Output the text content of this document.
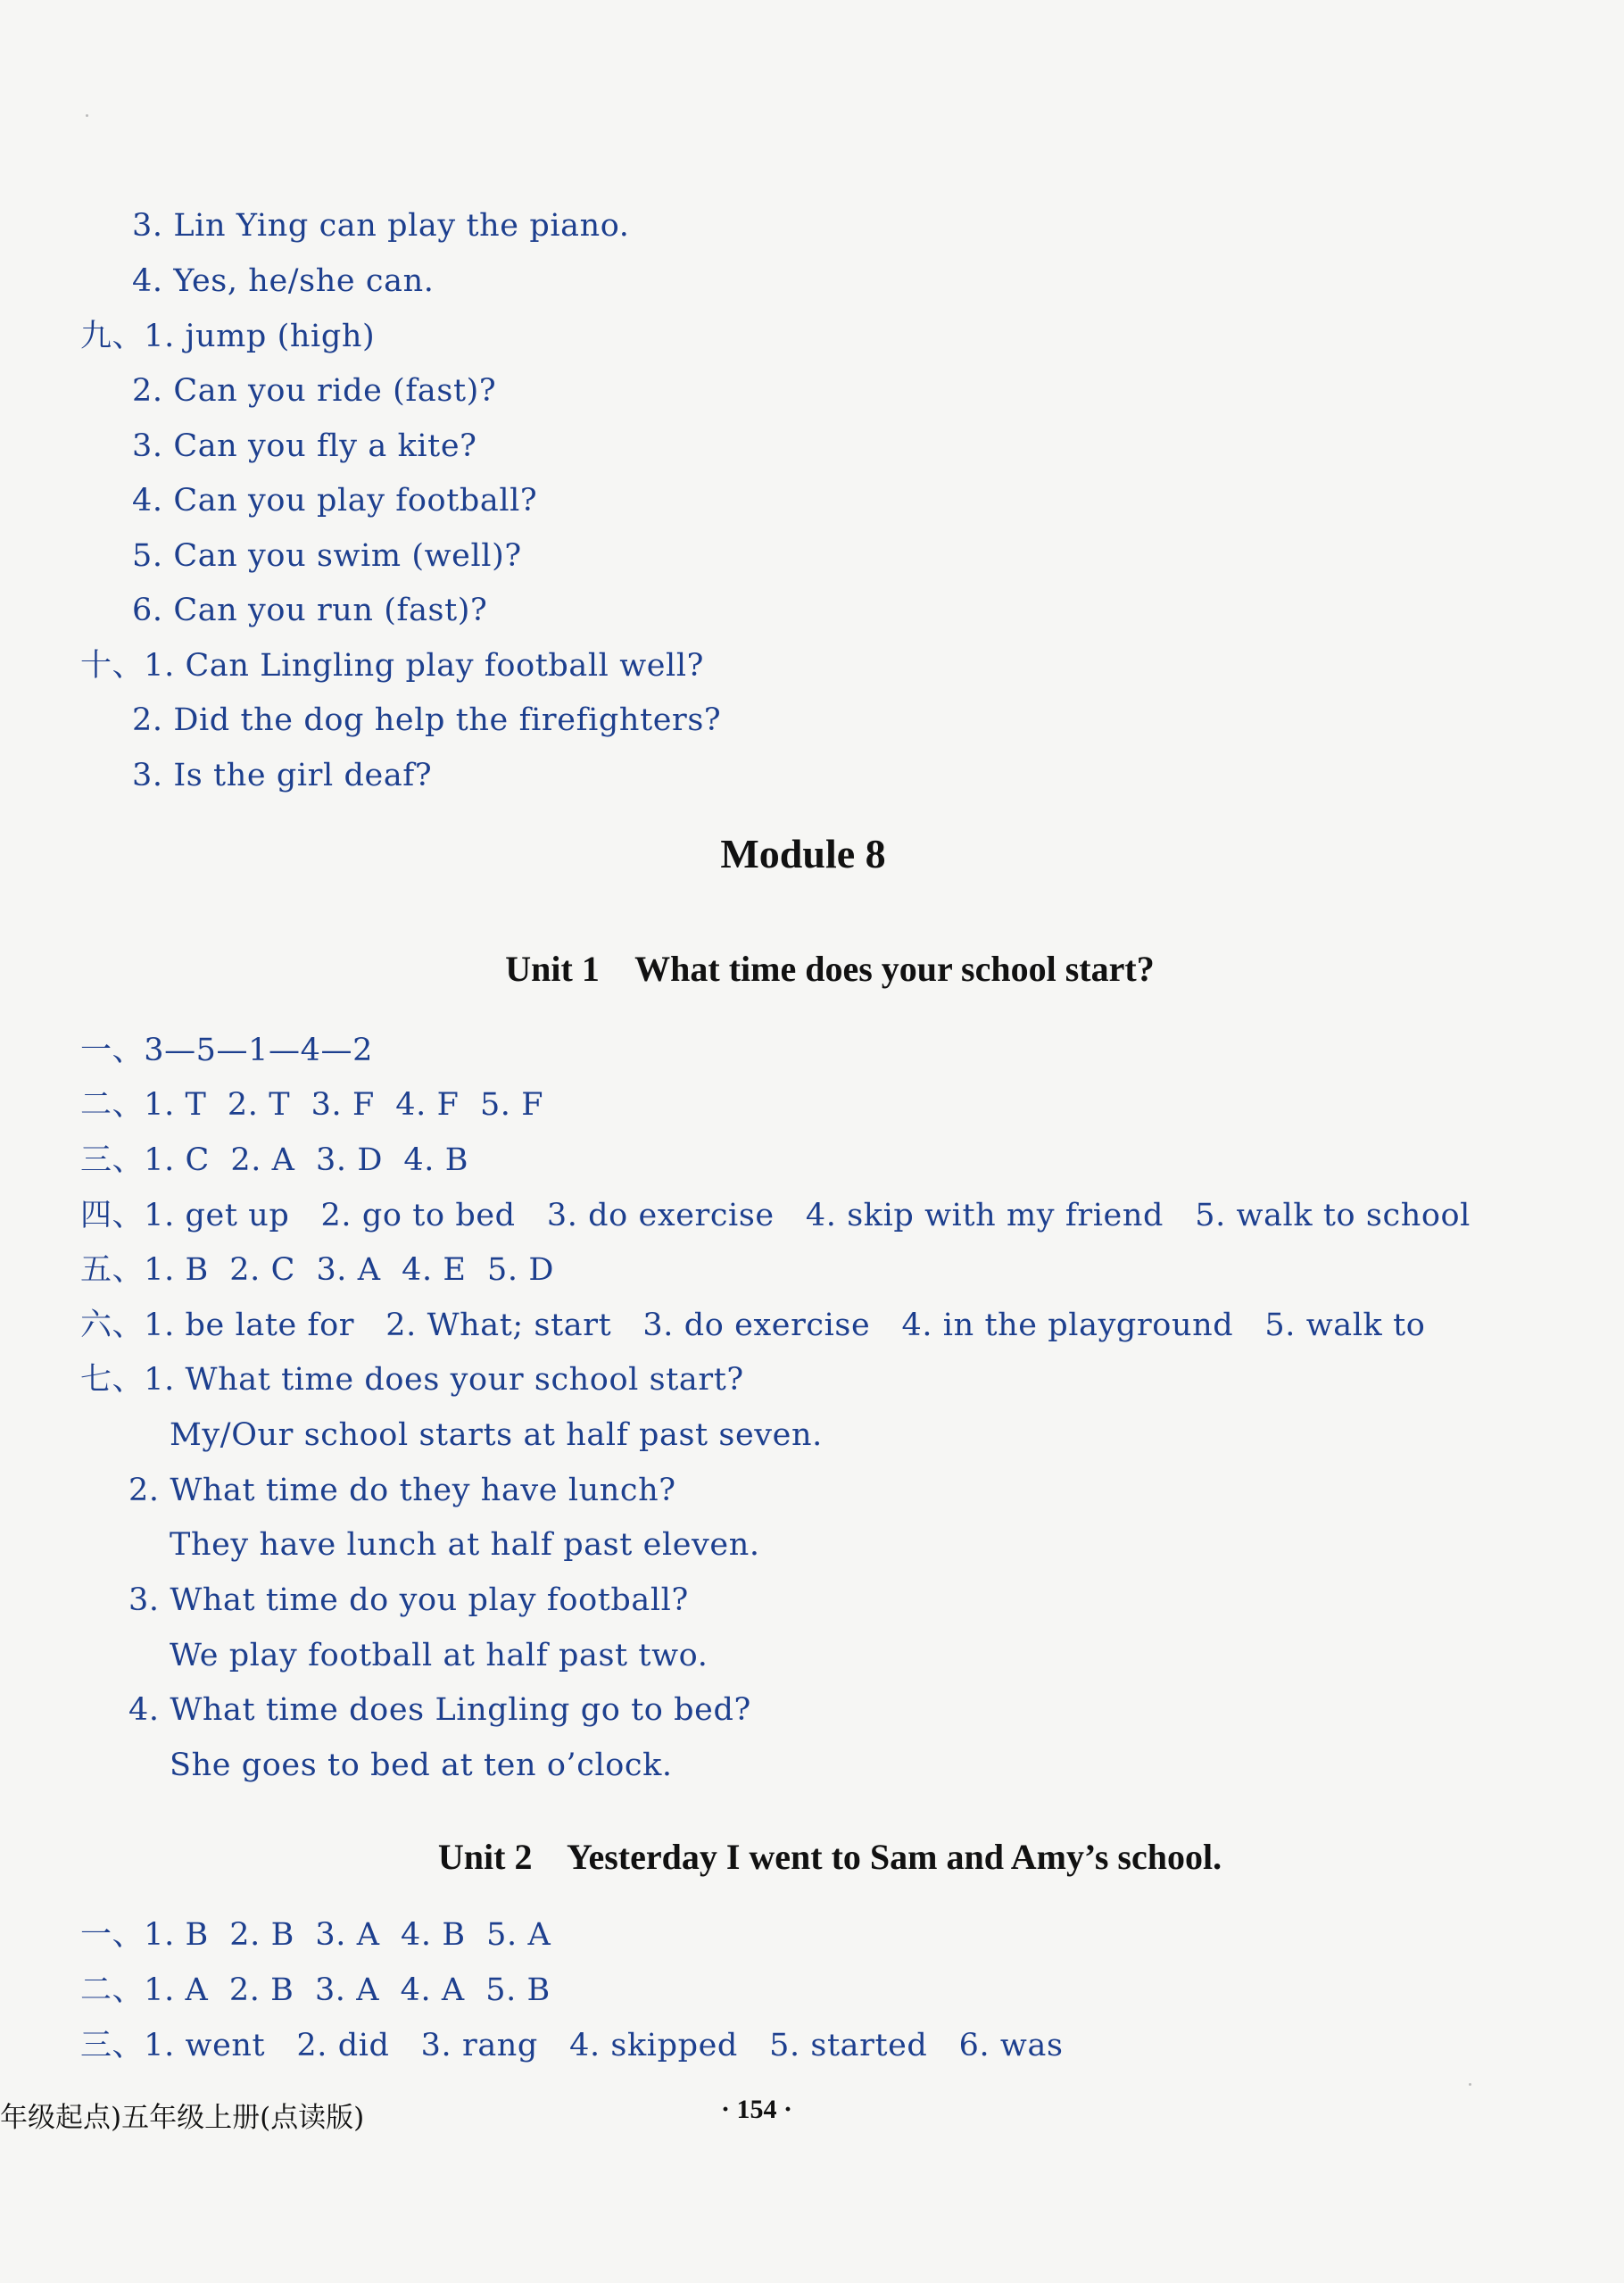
3. Lin Ying can play the piano.
4. Yes, he/she can.
九、1. jump (high)
2. Can you ride (fast)?
3. Can you fly a kite?
4. Can you play football?
5. Can you swim (well)?
6. Can you run (fast)?
十、1. Can Lingling play football well?
2. Did the dog help the firefighters?
3. Is the girl deaf?
Module 8
Unit 1    What time does your school start?
一、3—5—1—4—2
二、1. T  2. T  3. F  4. F  5. F
三、1. C  2. A  3. D  4. B
四、1. get up   2. go to bed   3. do exercise   4. skip with my friend   5. walk to school
五、1. B  2. C  3. A  4. E  5. D
六、1. be late for   2. What; start   3. do exercise   4. in the playground   5. walk to
七、1. What time does your school start?
My/Our school starts at half past seven.
2. What time do they have lunch?
They have lunch at half past eleven.
3. What time do you play football?
We play football at half past two.
4. What time does Lingling go to bed?
She goes to bed at ten o’clock.
Unit 2    Yesterday I went to Sam and Amy’s school.
一、1. B  2. B  3. A  4. B  5. A
二、1. A  2. B  3. A  4. A  5. B
三、1. went   2. did   3. rang   4. skipped   5. started   6. was
年级起点)五年级上册(点读版)	· 154 ·
